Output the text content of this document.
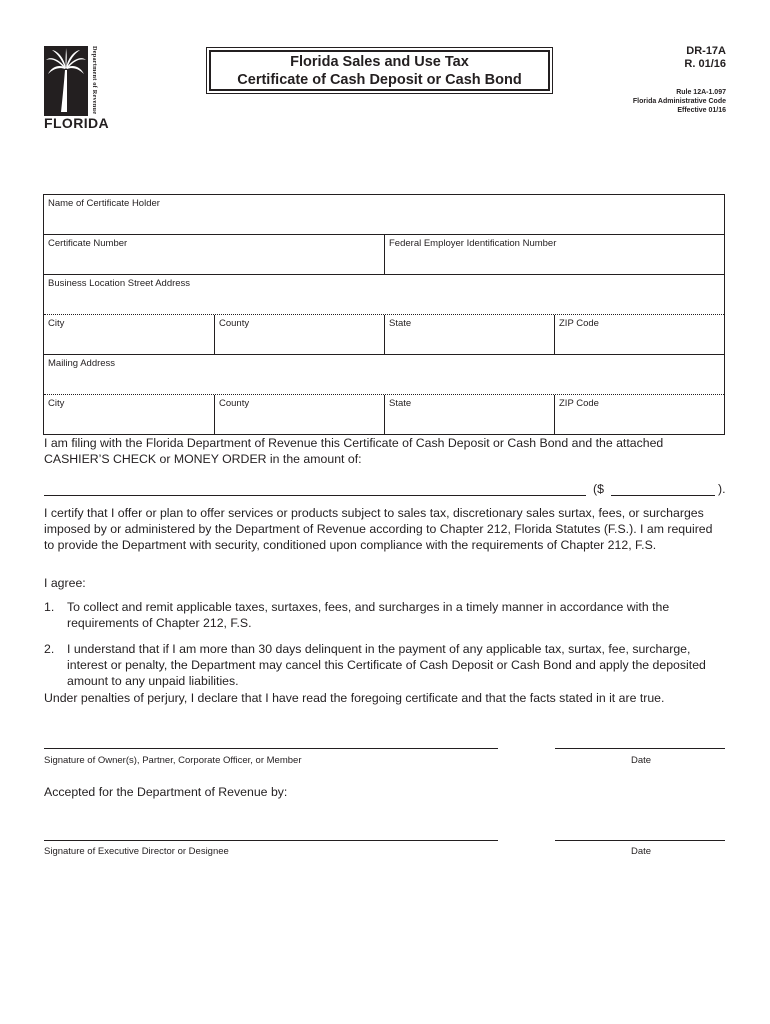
Department of Revenue
FLORIDA
Florida Sales and Use Tax
Certificate of Cash Deposit or Cash Bond
DR-17A
R. 01/16
Rule 12A-1.097
Florida Administrative Code
Effective 01/16
Name of Certificate Holder
Certificate Number	Federal Employer Identification Number
Business Location Street Address
City	County	State	ZIP Code
Mailing Address
City	County	State	ZIP Code
I am filing with the Florida Department of Revenue this Certificate of Cash Deposit or Cash Bond and the attached CASHIER’S CHECK or MONEY ORDER in the amount of:
($	).
I certify that I offer or plan to offer services or products subject to sales tax, discretionary sales surtax, fees, or surcharges imposed by or administered by the Department of Revenue according to Chapter 212, Florida Statutes (F.S.). I am required to provide the Department with security, conditioned upon compliance with the requirements of Chapter 212, F.S.
I agree:
1.	To collect and remit applicable taxes, surtaxes, fees, and surcharges in a timely manner in accordance with the requirements of Chapter 212, F.S.
2.	I understand that if I am more than 30 days delinquent in the payment of any applicable tax, surtax, fee, surcharge, interest or penalty, the Department may cancel this Certificate of Cash Deposit or Cash Bond and apply the deposited amount to any unpaid liabilities.
Under penalties of perjury, I declare that I have read the foregoing certificate and that the facts stated in it are true.
Signature of Owner(s), Partner, Corporate Officer, or Member	Date
Accepted for the Department of Revenue by:
Signature of Executive Director or Designee	Date
